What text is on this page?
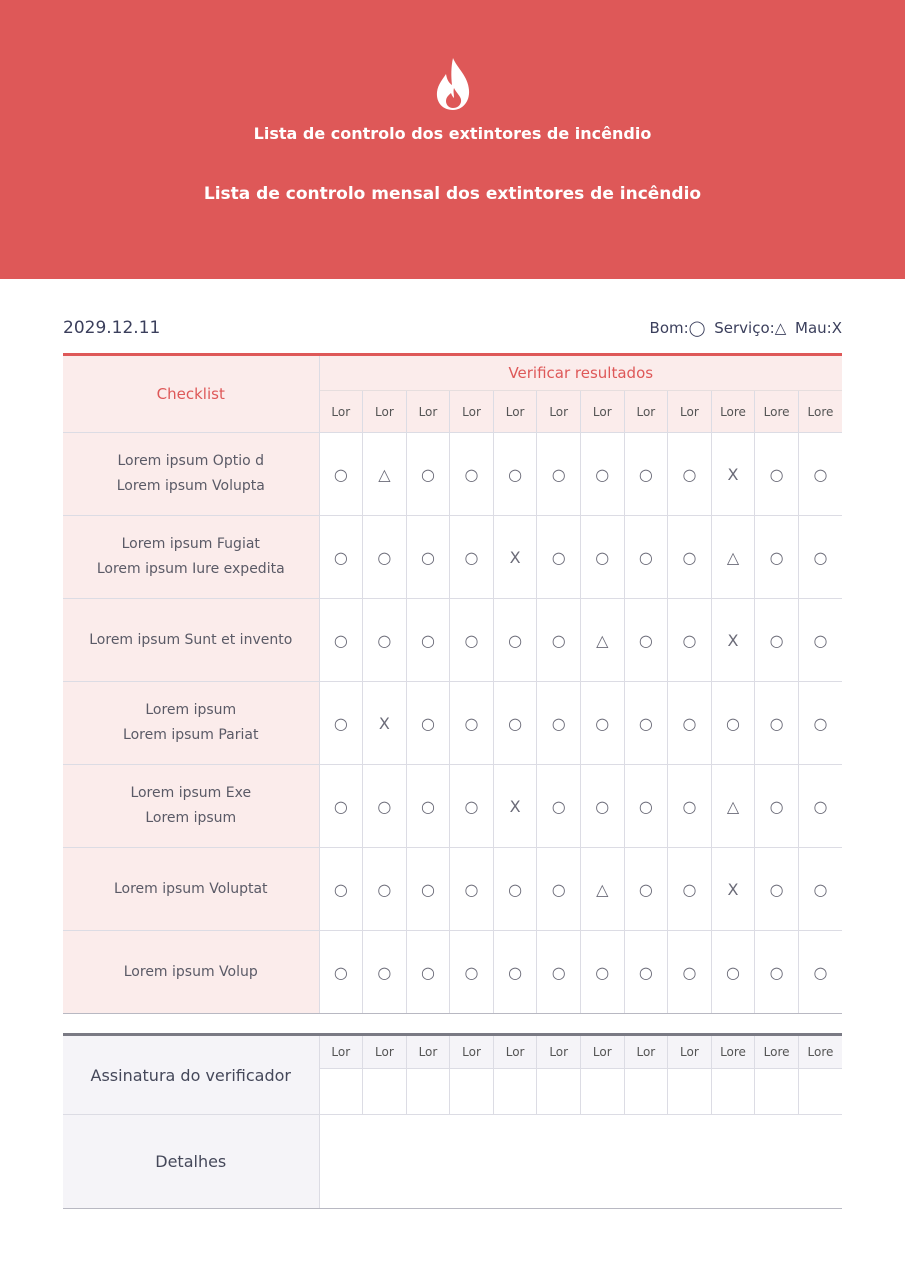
Lista de controlo dos extintores de incêndio
Lista de controlo mensal dos extintores de incêndio
2029.12.11	Bom:◯ Serviço:△ Mau:X
Checklist	Verificar resultados											
	Lor	Lor	Lor	Lor	Lor	Lor	Lor	Lor	Lor	Lore	Lore	Lore

Lorem ipsum Optio d
Lorem ipsum Volupta	○	△	○	○	○	○	○	○	○	X	○	○

Lorem ipsum Fugiat
Lorem ipsum Iure expedita	○	○	○	○	X	○	○	○	○	△	○	○

Lorem ipsum Sunt et invento	○	○	○	○	○	○	△	○	○	X	○	○

Lorem ipsum
Lorem ipsum Pariat	○	X	○	○	○	○	○	○	○	○	○	○

Lorem ipsum Exe
Lorem ipsum	○	○	○	○	X	○	○	○	○	△	○	○

Lorem ipsum Voluptat	○	○	○	○	○	○	△	○	○	X	○	○

Lorem ipsum Volup	○	○	○	○	○	○	○	○	○	○	○	○
Assinatura do verificador	Lor	Lor	Lor	Lor	Lor	Lor	Lor	Lor	Lor	Lore	Lore	Lore

Detalhes												
